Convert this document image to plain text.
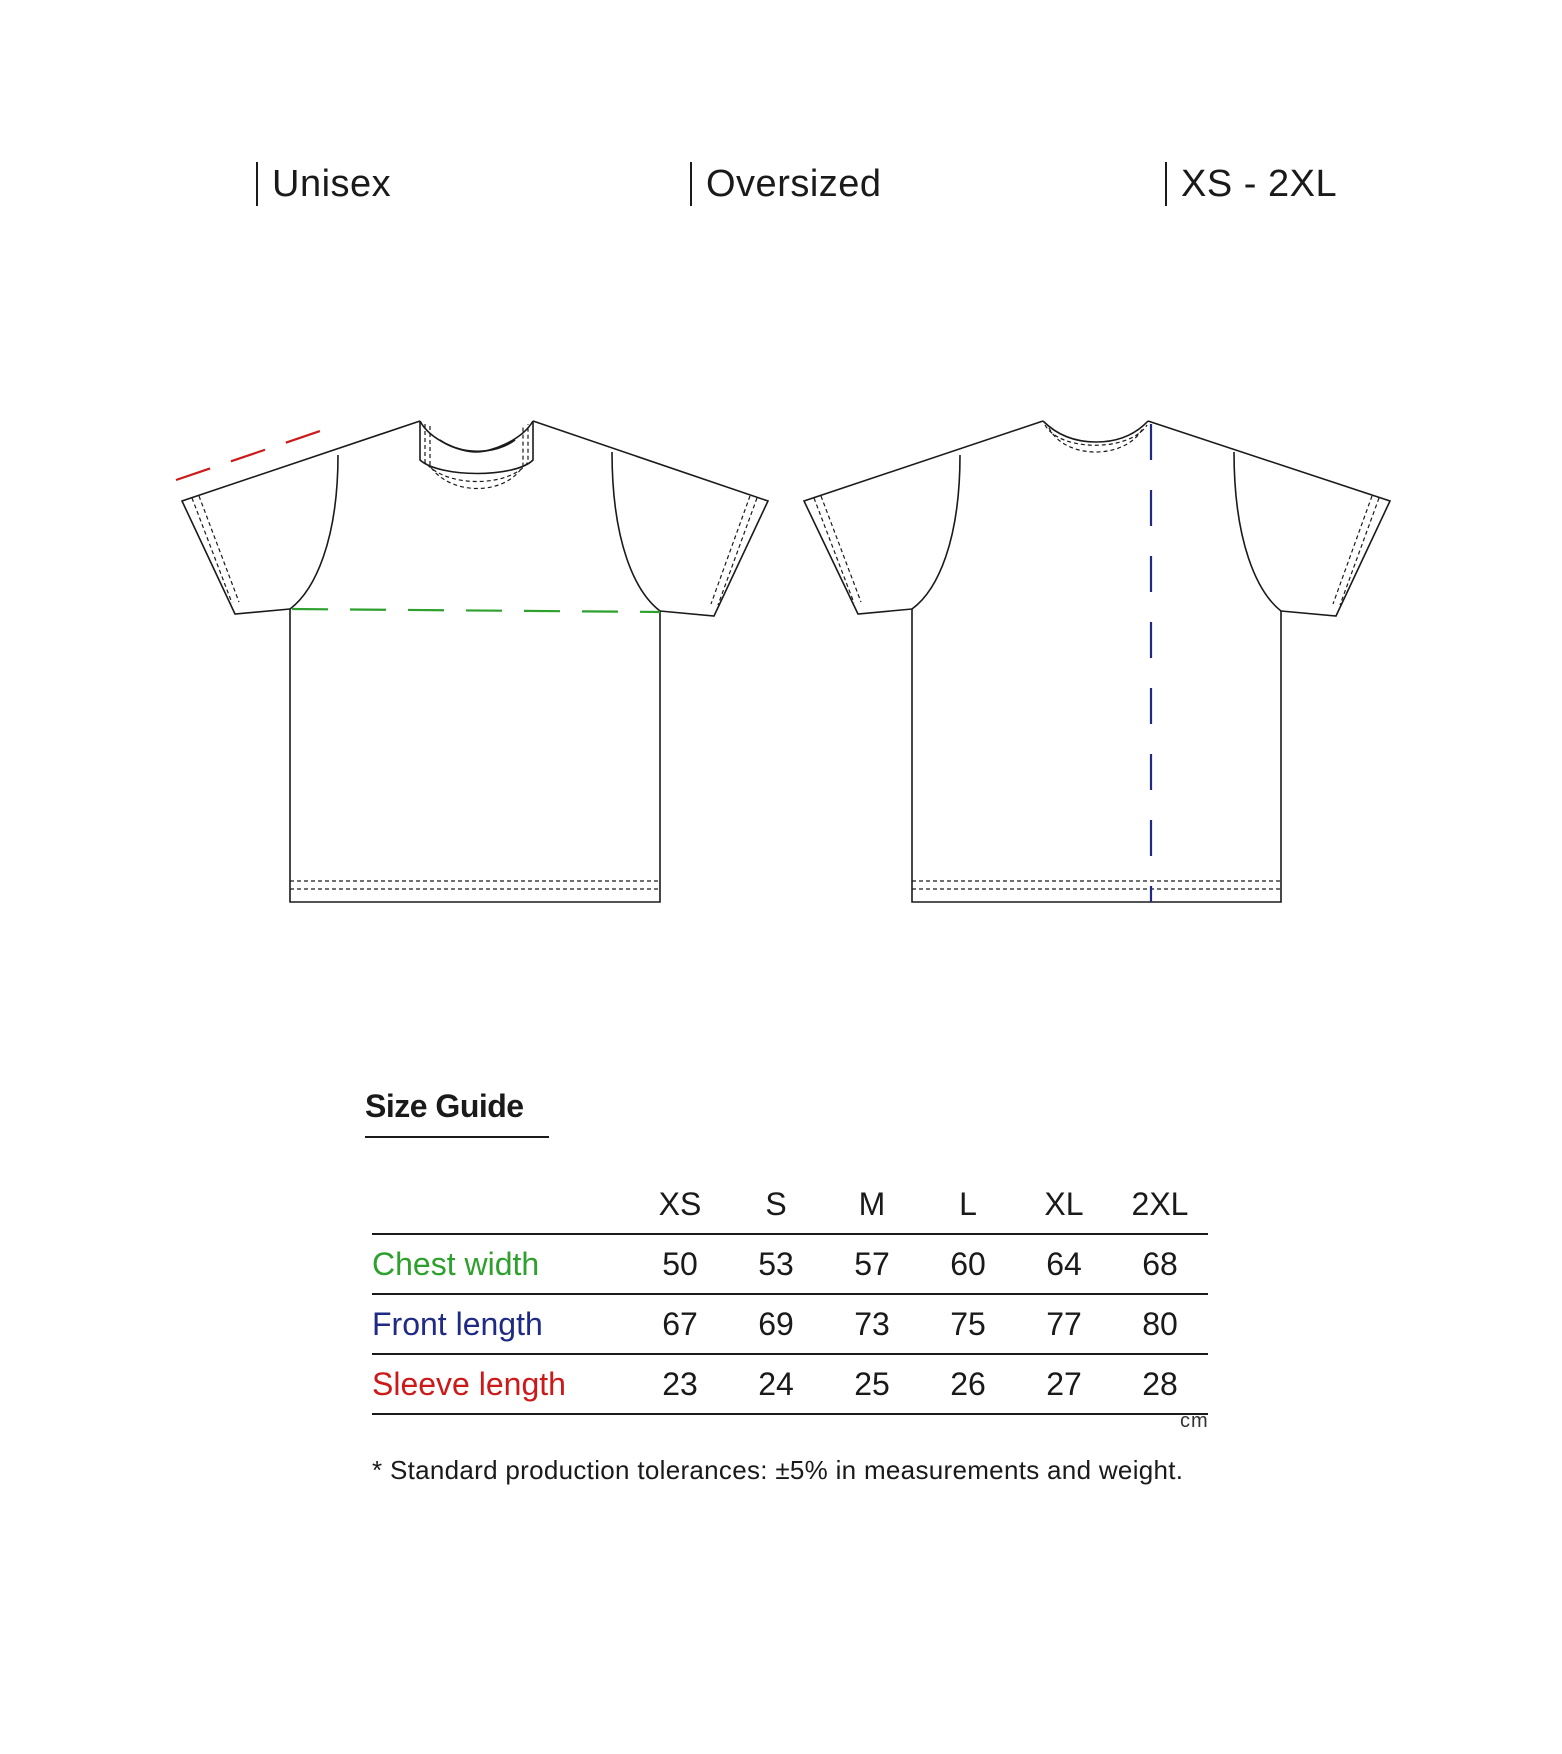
Unisex	Oversized	XS - 2XL
Size Guide
	XS	S	M	L	XL	2XL
Chest width	50	53	57	60	64	68
Front length	67	69	73	75	77	80
Sleeve length	23	24	25	26	27	28
cm
* Standard production tolerances: ±5% in measurements and weight.
